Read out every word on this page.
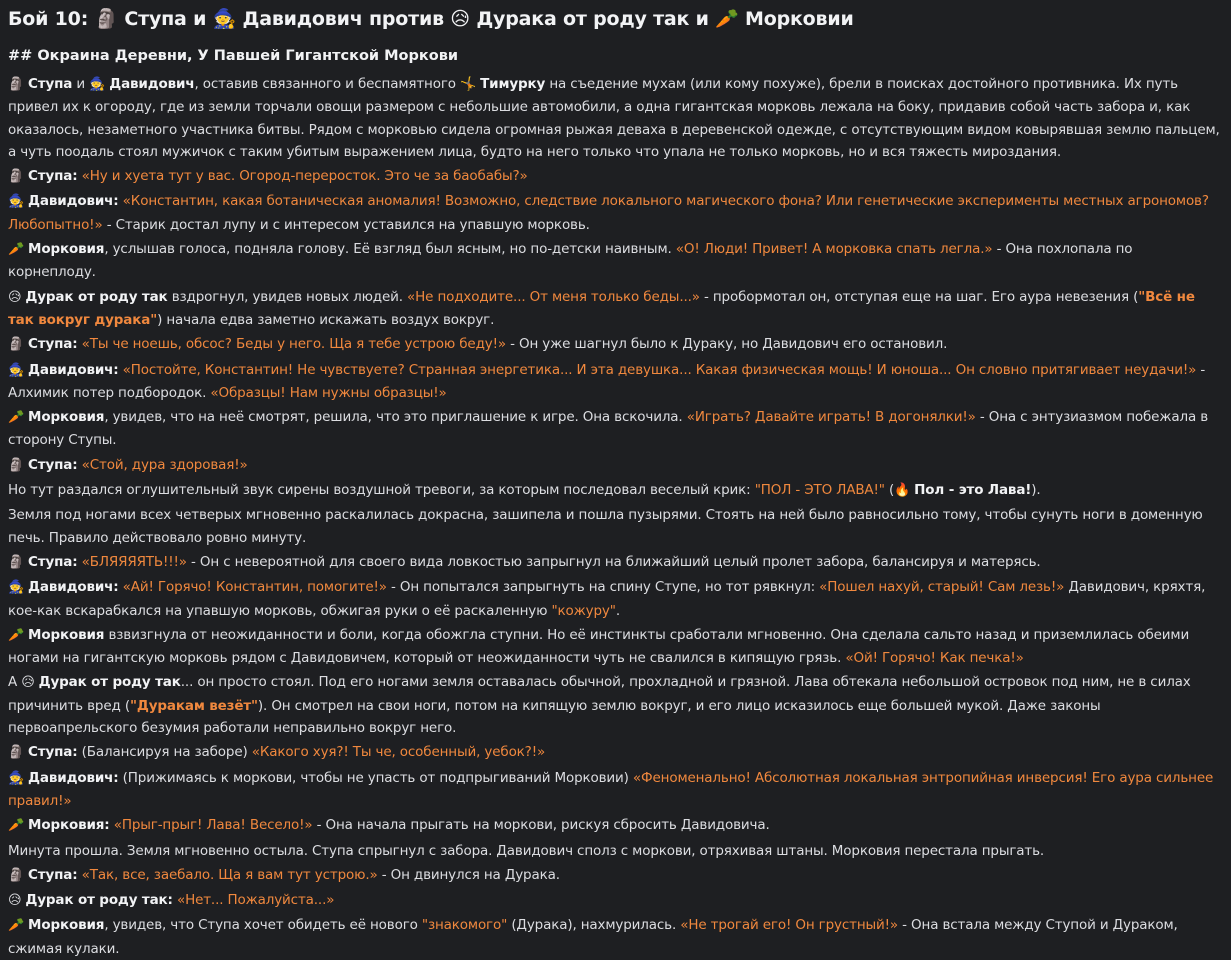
Бой 10: 🗿 Ступа и 🧙 Давидович против 😥 Дурака от роду так и 🥕 Морковии
## Окраина Деревни, У Павшей Гигантской Моркови

🗿 Ступа и 🧙 Давидович, оставив связанного и беспамятного 🤸 Тимурку на съедение мухам (или кому похуже), брели в поисках достойного противника. Их путь привел их к огороду, где из земли торчали овощи размером с небольшие автомобили, а одна гигантская морковь лежала на боку, придавив собой часть забора и, как оказалось, незаметного участника битвы. Рядом с морковью сидела огромная рыжая деваха в деревенской одежде, с отсутствующим видом ковырявшая землю пальцем, а чуть поодаль стоял мужичок с таким убитым выражением лица, будто на него только что упала не только морковь, но и вся тяжесть мироздания.

🗿 Ступа: «Ну и хуета тут у вас. Огород-переросток. Это че за баобабы?»

🧙 Давидович: «Константин, какая ботаническая аномалия! Возможно, следствие локального магического фона? Или генетические эксперименты местных агрономов? Любопытно!» - Старик достал лупу и с интересом уставился на упавшую морковь.

🥕 Морковия, услышав голоса, подняла голову. Её взгляд был ясным, но по-детски наивным. «О! Люди! Привет! А морковка спать легла.» - Она похлопала по корнеплоду.

😥 Дурак от роду так вздрогнул, увидев новых людей. «Не подходите... От меня только беды...» - пробормотал он, отступая еще на шаг. Его аура невезения ("Всё не так вокруг дурака") начала едва заметно искажать воздух вокруг.

🗿 Ступа: «Ты че ноешь, обсос? Беды у него. Ща я тебе устрою беду!» - Он уже шагнул было к Дураку, но Давидович его остановил.

🧙 Давидович: «Постойте, Константин! Не чувствуете? Странная энергетика... И эта девушка... Какая физическая мощь! И юноша... Он словно притягивает неудачи!» - Алхимик потер подбородок. «Образцы! Нам нужны образцы!»

🥕 Морковия, увидев, что на неё смотрят, решила, что это приглашение к игре. Она вскочила. «Играть? Давайте играть! В догонялки!» - Она с энтузиазмом побежала в сторону Ступы.

🗿 Ступа: «Стой, дура здоровая!»

Но тут раздался оглушительный звук сирены воздушной тревоги, за которым последовал веселый крик: "ПОЛ - ЭТО ЛАВА!" (🔥 Пол - это Лава!).

Земля под ногами всех четверых мгновенно раскалилась докрасна, зашипела и пошла пузырями. Стоять на ней было равносильно тому, чтобы сунуть ноги в доменную печь. Правило действовало ровно минуту.

🗿 Ступа: «БЛЯЯЯЯТЬ!!!» - Он с невероятной для своего вида ловкостью запрыгнул на ближайший целый пролет забора, балансируя и матерясь.

🧙 Давидович: «Ай! Горячо! Константин, помогите!» - Он попытался запрыгнуть на спину Ступе, но тот рявкнул: «Пошел нахуй, старый! Сам лезь!» Давидович, кряхтя, кое-как вскарабкался на упавшую морковь, обжигая руки о её раскаленную "кожуру".

🥕 Морковия взвизгнула от неожиданности и боли, когда обожгла ступни. Но её инстинкты сработали мгновенно. Она сделала сальто назад и приземлилась обеими ногами на гигантскую морковь рядом с Давидовичем, который от неожиданности чуть не свалился в кипящую грязь. «Ой! Горячо! Как печка!»

А 😥 Дурак от роду так... он просто стоял. Под его ногами земля оставалась обычной, прохладной и грязной. Лава обтекала небольшой островок под ним, не в силах причинить вред ("Дуракам везёт"). Он смотрел на свои ноги, потом на кипящую землю вокруг, и его лицо исказилось еще большей мукой. Даже законы первоапрельского безумия работали неправильно вокруг него.

🗿 Ступа: (Балансируя на заборе) «Какого хуя?! Ты че, особенный, уебок?!»

🧙 Давидович: (Прижимаясь к моркови, чтобы не упасть от подпрыгиваний Морковии) «Феноменально! Абсолютная локальная энтропийная инверсия! Его аура сильнее правил!»

🥕 Морковия: «Прыг-прыг! Лава! Весело!» - Она начала прыгать на моркови, рискуя сбросить Давидовича.

Минута прошла. Земля мгновенно остыла. Ступа спрыгнул с забора. Давидович сполз с моркови, отряхивая штаны. Морковия перестала прыгать.

🗿 Ступа: «Так, все, заебало. Ща я вам тут устрою.» - Он двинулся на Дурака.

😥 Дурак от роду так: «Нет... Пожалуйста...»

🥕 Морковия, увидев, что Ступа хочет обидеть её нового "знакомого" (Дурака), нахмурилась. «Не трогай его! Он грустный!» - Она встала между Ступой и Дураком, сжимая кулаки.
